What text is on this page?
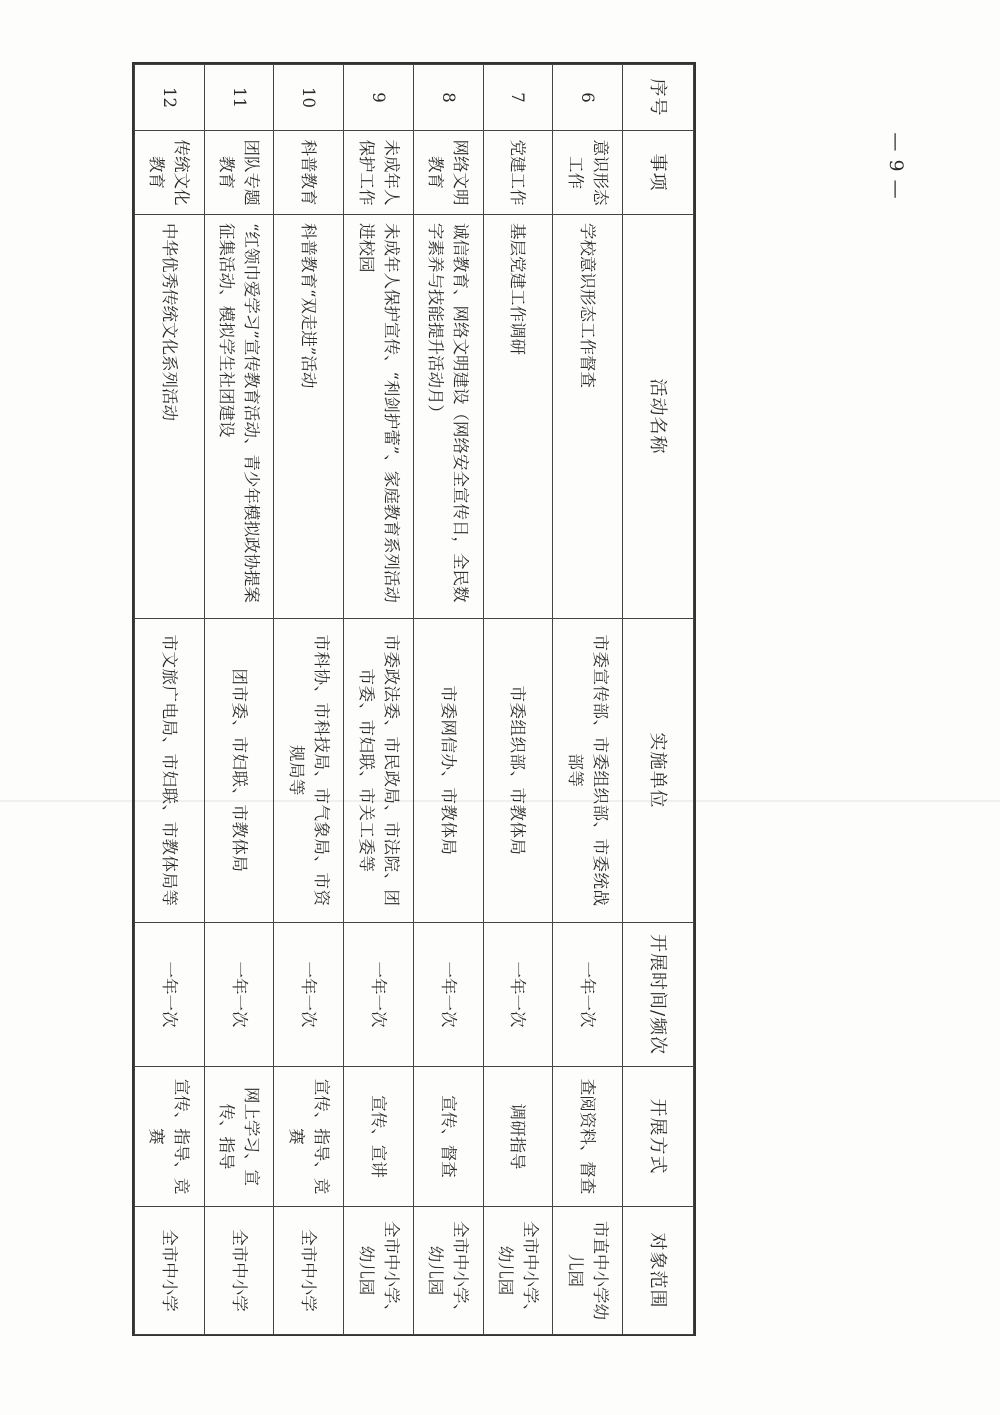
— 9 —
序号	事项	活动名称	实施单位	开展时间/频次	开展方式	对象范围
6	意识形态工作	学校意识形态工作督查	市委宣传部、市委组织部、市委统战部等	一年一次	查阅资料、督查	市直中小学幼儿园
7	党建工作	基层党建工作调研	市委组织部、市教体局	一年一次	调研指导	全市中小学、幼儿园
8	网络文明教育	诚信教育、网络文明建设（网络安全宣传日，全民数字素养与技能提升活动月）	市委网信办、市教体局	一年一次	宣传、督查	全市中小学、幼儿园
9	未成年人保护工作	未成年人保护宣传、“利剑护蕾”、家庭教育系列活动进校园	市委政法委、市民政局、市法院、团市委、市妇联、市关工委等	一年一次	宣传、宣讲	全市中小学、幼儿园
10	科普教育	科普教育“双走进”活动	市科协、市科技局、市气象局、市资规局等	一年一次	宣传、指导、竞赛	全市中小学
11	团队专题教育	“红领巾爱学习”宣传教育活动、青少年模拟政协提案征集活动、模拟学生社团建设	团市委、市妇联、市教体局	一年一次	网上学习、宣传、指导	全市中小学
12	传统文化教育	中华优秀传统文化系列活动	市文旅广电局、市妇联、市教体局等	一年一次	宣传、指导、竞赛	全市中小学
